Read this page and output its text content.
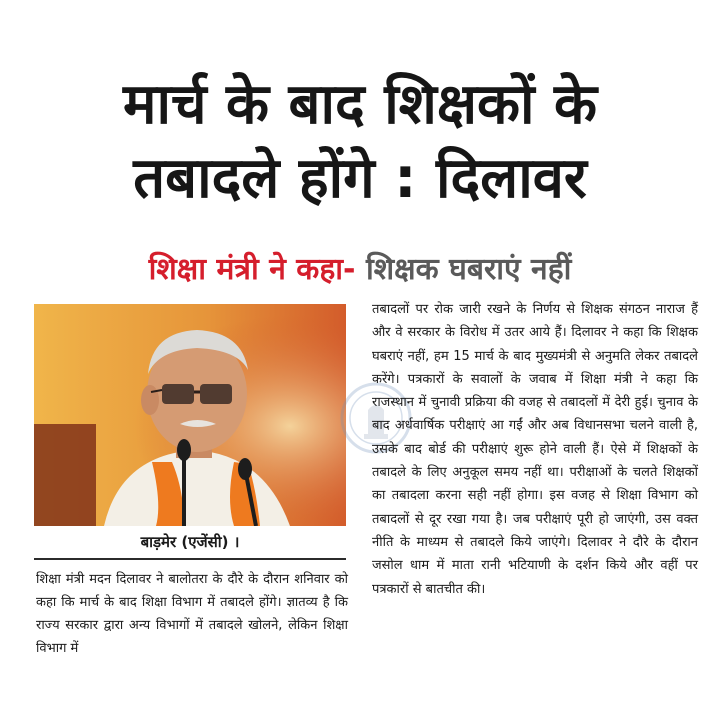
मार्च के बाद शिक्षकों के
तबादले होंगे : दिलावर
शिक्षा मंत्री ने कहा- शिक्षक घबराएं नहीं
बाड़मेर (एजेंसी) ।
शिक्षा मंत्री मदन दिलावर ने बालोतरा के दौरे के दौरान शनिवार को कहा कि मार्च के बाद शिक्षा विभाग में तबादले होंगे। ज्ञातव्य है कि राज्य सरकार द्वारा अन्य विभागों में तबादले खोलने, लेकिन शिक्षा विभाग में
तबादलों पर रोक जारी रखने के निर्णय से शिक्षक संगठन नाराज हैं और वे सरकार के विरोध में उतर आये हैं। दिलावर ने कहा कि शिक्षक घबराएं नहीं, हम 15 मार्च के बाद मुख्यमंत्री से अनुमति लेकर तबादले करेंगे। पत्रकारों के सवालों के जवाब में शिक्षा मंत्री ने कहा कि राजस्थान में चुनावी प्रक्रिया की वजह से तबादलों में देरी हुई। चुनाव के बाद अर्धवार्षिक परीक्षाएं आ गईं और अब विधानसभा चलने वाली है, उसके बाद बोर्ड की परीक्षाएं शुरू होने वाली हैं। ऐसे में शिक्षकों के तबादले के लिए अनुकूल समय नहीं था। परीक्षाओं के चलते शिक्षकों का तबादला करना सही नहीं होगा। इस वजह से शिक्षा विभाग को तबादलों से दूर रखा गया है। जब परीक्षाएं पूरी हो जाएंगी, उस वक्त नीति के माध्यम से तबादले किये जाएंगे। दिलावर ने दौरे के दौरान जसोल धाम में माता रानी भटियाणी के दर्शन किये और वहीं पर पत्रकारों से बातचीत की।
